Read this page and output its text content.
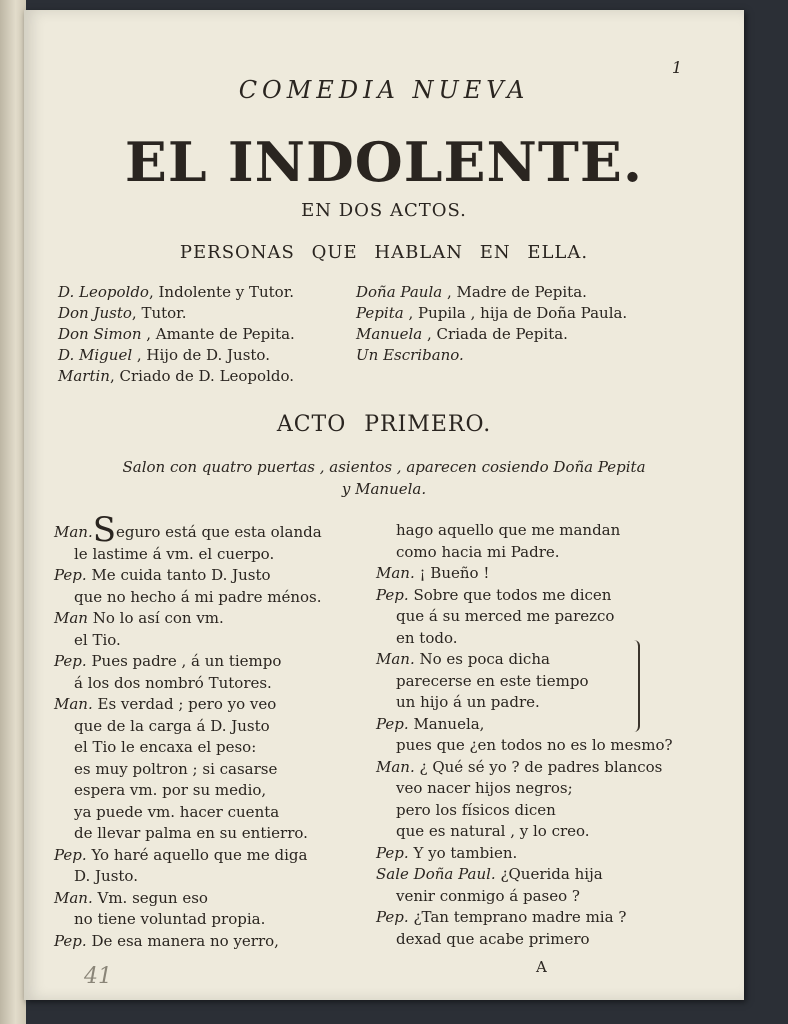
1
COMEDIA NUEVA
EL INDOLENTE.
EN DOS ACTOS.
PERSONAS QUE HABLAN EN ELLA.
D. Leopoldo, Indolente y Tutor.
Don Justo, Tutor.
Don Simon , Amante de Pepita.
D. Miguel , Hijo de D. Justo.
Martin, Criado de D. Leopoldo.
Doña Paula , Madre de Pepita.
Pepita , Pupila , hija de Doña Paula.
Manuela , Criada de Pepita.
Un Escribano.
ACTO PRIMERO.
Salon con quatro puertas , asientos , aparecen cosiendo Doña Pepita
y Manuela.
Man.Seguro está que esta olanda
le lastime á vm. el cuerpo.
Pep. Me cuida tanto D. Justo
que no hecho á mi padre ménos.
Man No lo así con vm.
el Tio.
Pep. Pues padre , á un tiempo
á los dos nombró Tutores.
Man. Es verdad ; pero yo veo
que de la carga á D. Justo
el Tio le encaxa el peso:
es muy poltron ; si casarse
espera vm. por su medio,
ya puede vm. hacer cuenta
de llevar palma en su entierro.
Pep. Yo haré aquello que me diga
D. Justo.
Man. Vm. segun eso
no tiene voluntad propia.
Pep. De esa manera no yerro,
hago aquello que me mandan
como hacia mi Padre.
Man. ¡ Bueño !
Pep. Sobre que todos me dicen
que á su merced me parezco
en todo.
Man. No es poca dicha
parecerse en este tiempo
un hijo á un padre.
Pep. Manuela,
pues que ¿en todos no es lo mesmo?
Man. ¿ Qué sé yo ? de padres blancos
veo nacer hijos negros;
pero los físicos dicen
que es natural , y lo creo.
Pep. Y yo tambien.
Sale Doña Paul. ¿Querida hija
venir conmigo á paseo ?
Pep. ¿Tan temprano madre mia ?
dexad que acabe primero
A
41
